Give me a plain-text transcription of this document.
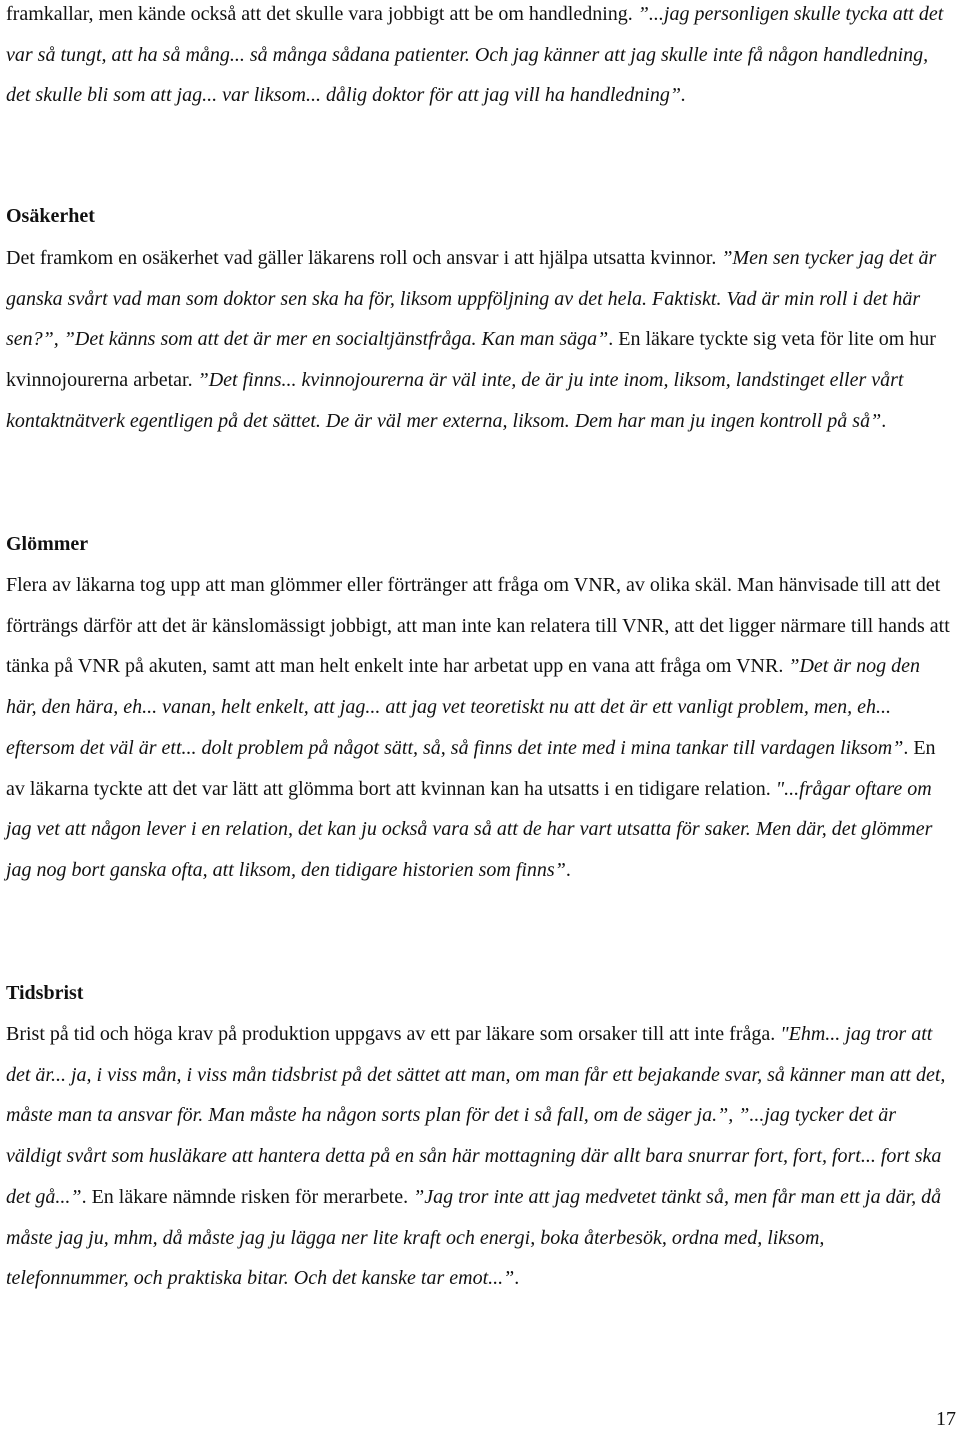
framkallar, men kände också att det skulle vara jobbigt att be om handledning. ”...jag personligen skulle tycka att det var så tungt, att ha så mång... så många sådana patienter. Och jag känner att jag skulle inte få någon handledning, det skulle bli som att jag... var liksom... dålig doktor för att jag vill ha handledning”.

Osäkerhet

Det framkom en osäkerhet vad gäller läkarens roll och ansvar i att hjälpa utsatta kvinnor. ”Men sen tycker jag det är ganska svårt vad man som doktor sen ska ha för, liksom uppföljning av det hela. Faktiskt. Vad är min roll i det här sen?”, ”Det känns som att det är mer en socialtjänstfråga. Kan man säga”. En läkare tyckte sig veta för lite om hur kvinnojourerna arbetar. ”Det finns... kvinnojourerna är väl inte, de är ju inte inom, liksom, landstinget eller vårt kontaktnätverk egentligen på det sättet. De är väl mer externa, liksom. Dem har man ju ingen kontroll på så”.

Glömmer

Flera av läkarna tog upp att man glömmer eller förtränger att fråga om VNR, av olika skäl. Man hänvisade till att det förträngs därför att det är känslomässigt jobbigt, att man inte kan relatera till VNR, att det ligger närmare till hands att tänka på VNR på akuten, samt att man helt enkelt inte har arbetat upp en vana att fråga om VNR. ”Det är nog den här, den härа, eh... vanan, helt enkelt, att jag... att jag vet teoretiskt nu att det är ett vanligt problem, men, eh... eftersom det väl är ett... dolt problem på något sätt, så, så finns det inte med i mina tankar till vardagen liksom”. En av läkarna tyckte att det var lätt att glömma bort att kvinnan kan ha utsatts i en tidigare relation. "...frågar oftare om jag vet att någon lever i en relation, det kan ju också vara så att de har vart utsatta för saker. Men där, det glömmer jag nog bort ganska ofta, att liksom, den tidigare historien som finns”.

Tidsbrist

Brist på tid och höga krav på produktion uppgavs av ett par läkare som orsaker till att inte fråga. "Ehm... jag tror att det är... ja, i viss mån, i viss mån tidsbrist på det sättet att man, om man får ett bejakande svar, så känner man att det, måste man ta ansvar för. Man måste ha någon sorts plan för det i så fall, om de säger ja.”, ”...jag tycker det är väldigt svårt som husläkare att hantera detta på en sån här mottagning där allt bara snurrar fort, fort, fort... fort ska det gå...”. En läkare nämnde risken för merarbete. ”Jag tror inte att jag medvetet tänkt så, men får man ett ja där, då måste jag ju, mhm, då måste jag ju lägga ner lite kraft och energi, boka återbesök, ordna med, liksom, telefonnummer, och praktiska bitar. Och det kanske tar emot...”.

17
